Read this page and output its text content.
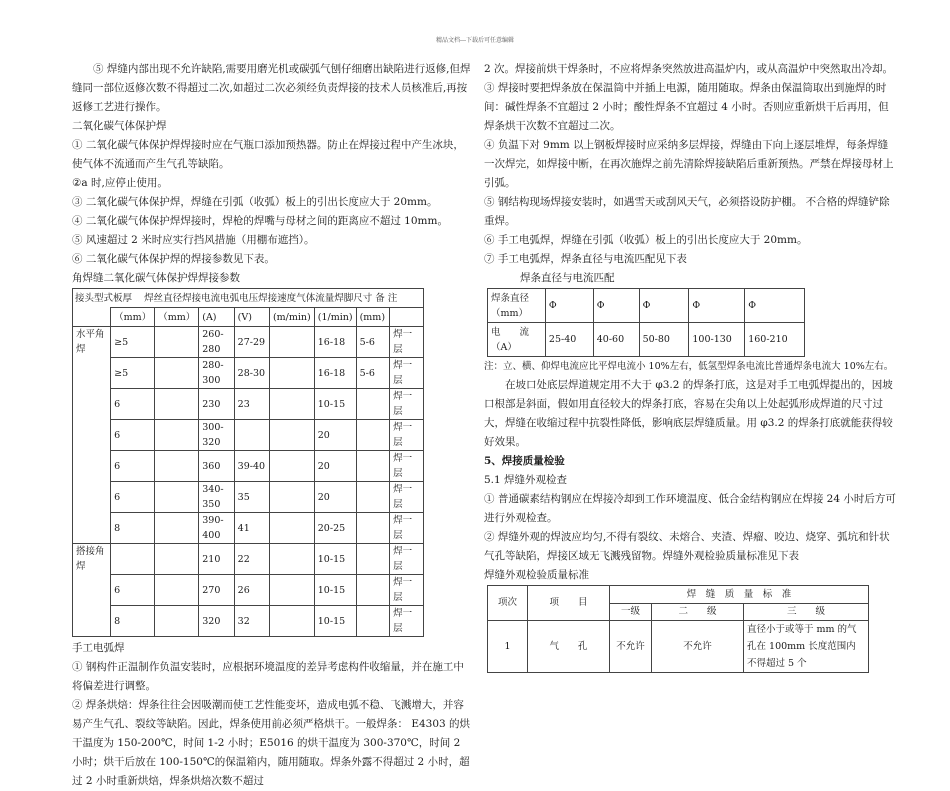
精品文档---下载后可任意编辑
⑤ 焊缝内部出现不允许缺陷,需要用磨光机或碳弧气刨仔细磨出缺陷进行返修,但焊缝同一部位返修次数不得超过二次,如超过二次必须经负责焊接的技术人员核准后,再按返修工艺进行操作。
二氧化碳气体保护焊
① 二氧化碳气体保护焊焊接时应在气瓶口添加预热器。防止在焊接过程中产生冰块，使气体不流通而产生气孔等缺陷。
②a 时,应停止使用。
③ 二氧化碳气体保护焊，焊缝在引弧（收弧）板上的引出长度应大于 20mm。
④ 二氧化碳气体保护焊焊接时，焊枪的焊嘴与母材之间的距离应不超过 10mm。
⑤ 风速超过 2 米时应实行挡风措施（用棚布遮挡）。
⑥ 二氧化碳气体保护焊的焊接参数见下表。
角焊缝二氧化碳气体保护焊焊接参数
接头型式板厚 焊丝直径焊接电流电弧电压焊接速度气体流量焊脚尺寸 备 注								
	（mm）	（mm）	(A)	(V)	(m/min)	(1/min)	(mm)	
水平角焊	≥5		260-280	27-29		16-18	5-6	焊一层
	≥5		280-300	28-30		16-18	5-6	焊一层
	6		230	23		10-15		焊一层
	6		300-320			20		焊一层
	6		360	39-40		20		焊一层
	6		340-350	35		20		焊一层
	8		390-400	41		20-25		焊一层
搭接角焊			210	22		10-15		焊一层
	6		270	26		10-15		焊一层
	8		320	32		10-15		焊一层
手工电弧焊
① 钢构件正温制作负温安装时，应根据环境温度的差异考虑构件收缩量，并在施工中将偏差进行调整。
② 焊条烘焙：焊条往往会因吸潮而使工艺性能变坏，造成电弧不稳、飞溅增大，并容易产生气孔、裂纹等缺陷。因此，焊条使用前必须严格烘干。一般焊条： E4303 的烘干温度为 150-200℃，时间 1-2 小时；E5016 的烘干温度为 300-370℃，时间 2 小时；烘干后放在 100-150℃的保温箱内，随用随取。焊条外露不得超过 2 小时，超过 2 小时重新烘焙，焊条烘焙次数不超过
2 次。焊接前烘干焊条时，不应将焊条突然放进高温炉内，或从高温炉中突然取出冷却。
③ 焊接时要把焊条放在保温筒中并插上电源，随用随取。焊条由保温筒取出到施焊的时间：碱性焊条不宜超过 2 小时；酸性焊条不宜超过 4 小时。否则应重新烘干后再用，但焊条烘干次数不宜超过二次。
④ 负温下对 9mm 以上钢板焊接时应采纳多层焊接，焊缝由下向上逐层堆焊，每条焊缝一次焊完，如焊接中断，在再次施焊之前先清除焊接缺陷后重新预热。严禁在焊接母材上引弧。
⑤ 钢结构现场焊接安装时，如遇雪天或刮风天气，必须搭设防护棚。 不合格的焊缝铲除重焊。
⑥ 手工电弧焊，焊缝在引弧（收弧）板上的引出长度应大于 20mm。
⑦ 手工电弧焊，焊条直径与电流匹配见下表
焊条直径与电流匹配
焊条直径（mm）	Φ	Φ	Φ	Φ	Φ
电　　流（A）	25-40	40-60	50-80	100-130	160-210
注：立、横、仰焊电流应比平焊电流小 10%左右，低氢型焊条电流比普通焊条电流大 10%左右。
在坡口处底层焊道规定用不大于 φ3.2 的焊条打底，这是对手工电弧焊提出的，因坡口根部是斜面，假如用直径较大的焊条打底，容易在尖角以上处起弧形成焊道的尺寸过大，焊缝在收缩过程中抗裂性降低，影响底层焊缝质量。用 φ3.2 的焊条打底就能获得较好效果。
5、焊接质量检验
5.1 焊缝外观检查
① 普通碳素结构钢应在焊接冷却到工作环境温度、低合金结构钢应在焊接 24 小时后方可进行外观检查。
② 焊缝外观的焊波应均匀,不得有裂纹、未熔合、夹渣、焊瘤、咬边、烧穿、弧坑和针状气孔等缺陷，焊接区域无飞溅残留物。焊缝外观检验质量标准见下表
焊缝外观检验质量标准
项次	项　　目	焊　缝　质　量　标　准		
		一级	二　　级	三　　级
1	气　　孔	不允许	不允许	直径小于或等于 mm 的气孔在 100mm 长度范围内不得超过 5 个
